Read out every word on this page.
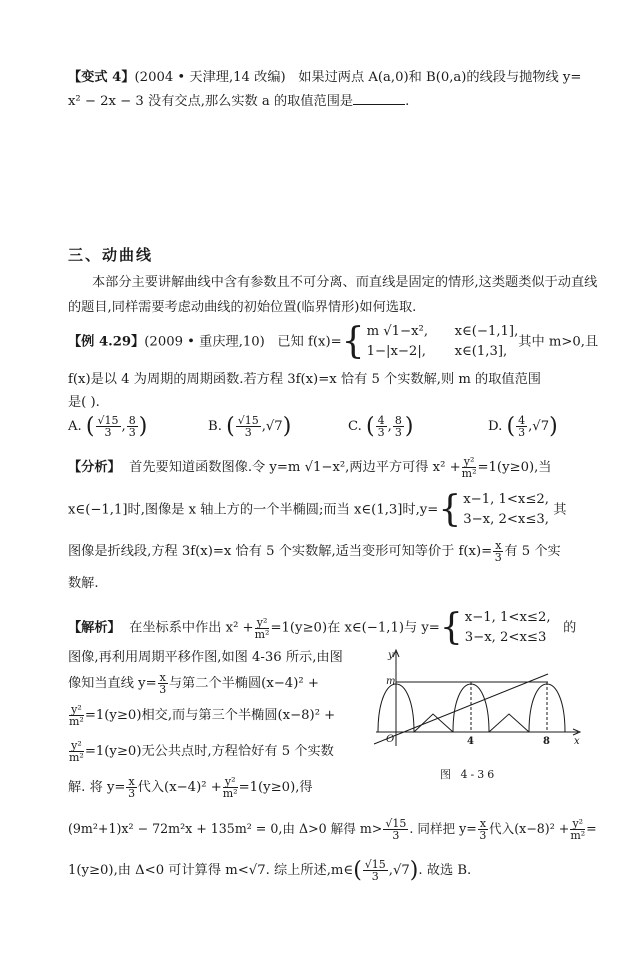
【变式 4】(2004 • 天津理,14 改编) 如果过两点 A(a,0)和 B(0,a)的线段与抛物线 y=
x² − 2x − 3 没有交点,那么实数 a 的取值范围是	.
三、动曲线
本部分主要讲解曲线中含有参数且不可分离、而直线是固定的情形,这类题类似于动直线
的题目,同样需要考虑动曲线的初始位置(临界情形)如何选取.
【例 4.29】(2009 • 重庆理,10) 已知 f(x)={ m √1−x², x∈(−1,1],
1−|x−2|, x∈(1,3],
其中 m>0,且
f(x)是以 4 为周期的周期函数.若方程 3f(x)=x 恰有 5 个实数解,则 m 的取值范围
是( ).
A. ( $\frac{√15}{3}$ , $\frac{8}{3}$ )	B. ( $\frac{√15}{3} ,√7$)	C. ( $\frac{4}{3}$ , $\frac{8}{3}$ )	D. ( $\frac{4}{3} ,√7$)
【分析】 首先要知道函数图像.令 y=m √1−x²,两边平方可得 $x^2 + \frac{\text{y²}}{\text{m²}} =1(y\ge 0)$,当
x∈(−1,1]时,图像是 x 轴上方的一个半椭圆;而当 x∈(1,3]时,y={ x−1, 1<x≤2,
3−x, 2<x≤3,
其
图像是折线段,方程 3f(x)=x 恰有 5 个实数解,适当变形可知等价于 $f(x)= \frac{x}{3}$ 有 5 个实
数解.
【解析】 在坐标系中作出 $x^2 + \frac{\text{y²}}{\text{m²}} =1(y\ge 0)$在 x∈(−1,1)与 y={ x−1, 1<x≤2,
3−x, 2<x≤3
的
图像,再利用周期平移作图,如图 4-36 所示,由图
像知当直线 $y= \frac{x}{3}$ 与第二个半椭圆(x−4)² +
$\frac{\text{y²}}{\text{m²}} =1(y\ge 0)$相交,而与第三个半椭圆(x−8)² +
$\frac{\text{y²}}{\text{m²}} =1(y\ge 0)$无公共点时,方程恰好有 5 个实数
解. 将 $y= \frac{x}{3}$ 代入$(x-4)^2 + \frac{\text{y²}}{\text{m²}} =1(y\ge 0)$,得
(9m²+1)x² − 72m²x + 135m² = 0,由 Δ>0 解得 $m> \frac{√15}{3}$ . 同样把 $y= \frac{x}{3}$ 代入$(x-8)^2 + \frac{\text{y²}}{\text{m²}}$ =
1(y≥0),由 Δ<0 可计算得 m<√7. 综上所述,m∈( $\frac{√15}{3} ,√7$). 故选 B.
y
m
O	4	8 x
图 4-36
